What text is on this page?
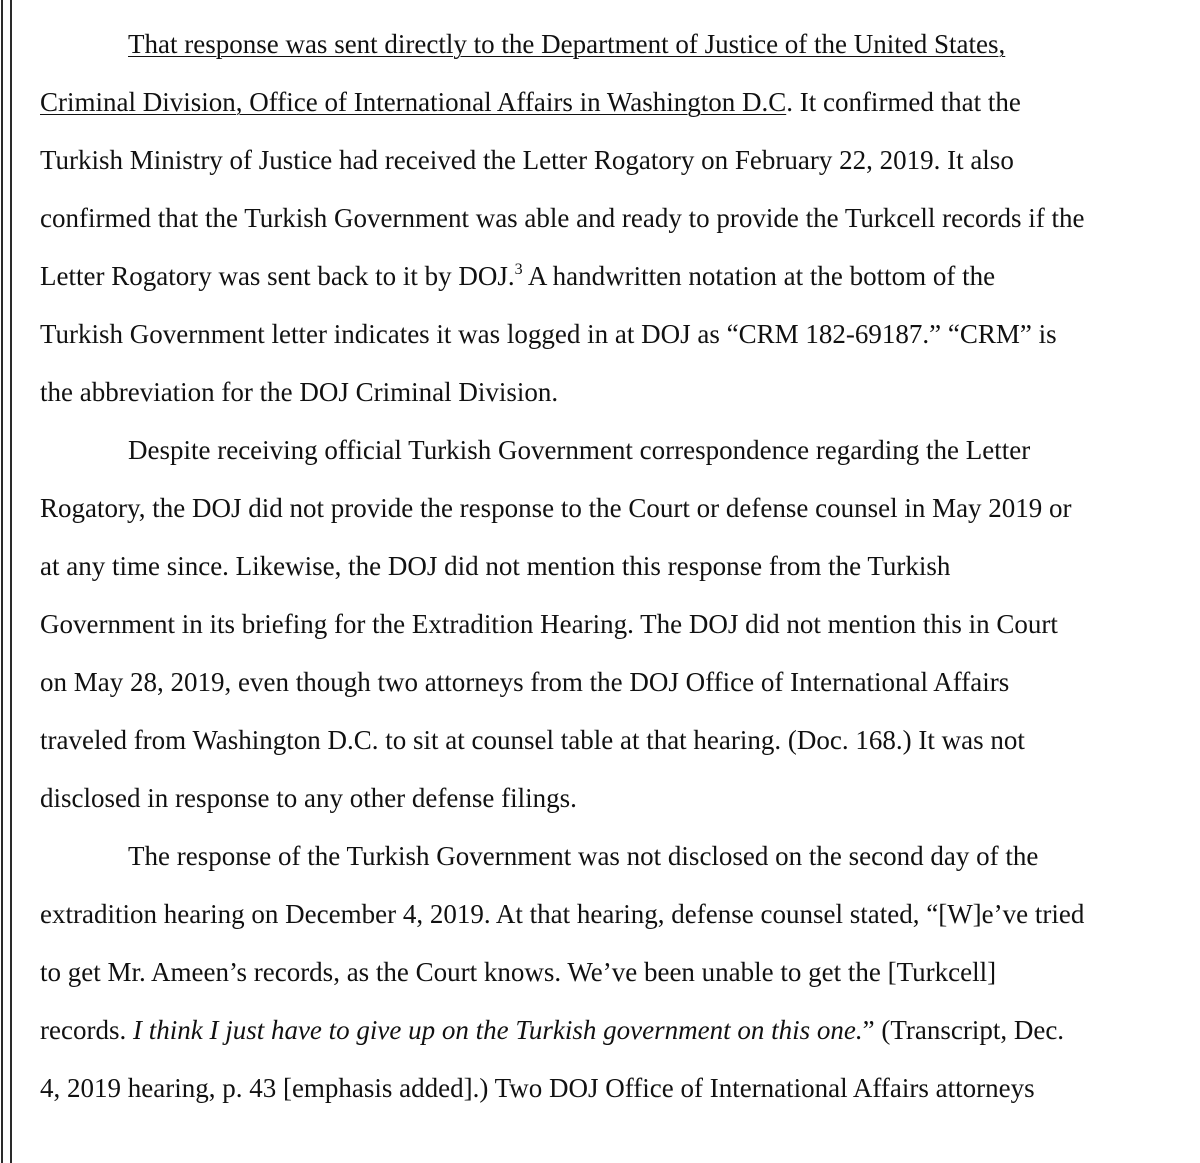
That response was sent directly to the Department of Justice of the United States,
Criminal Division, Office of International Affairs in Washington D.C. It confirmed that the
Turkish Ministry of Justice had received the Letter Rogatory on February 22, 2019. It also
confirmed that the Turkish Government was able and ready to provide the Turkcell records if the
Letter Rogatory was sent back to it by DOJ.$^3$ A handwritten notation at the bottom of the
Turkish Government letter indicates it was logged in at DOJ as “CRM 182-69187.” “CRM” is
the abbreviation for the DOJ Criminal Division.
Despite receiving official Turkish Government correspondence regarding the Letter
Rogatory, the DOJ did not provide the response to the Court or defense counsel in May 2019 or
at any time since. Likewise, the DOJ did not mention this response from the Turkish
Government in its briefing for the Extradition Hearing. The DOJ did not mention this in Court
on May 28, 2019, even though two attorneys from the DOJ Office of International Affairs
traveled from Washington D.C. to sit at counsel table at that hearing. (Doc. 168.) It was not
disclosed in response to any other defense filings.
The response of the Turkish Government was not disclosed on the second day of the
extradition hearing on December 4, 2019. At that hearing, defense counsel stated, “[W]e’ve tried
to get Mr. Ameen’s records, as the Court knows. We’ve been unable to get the [Turkcell]
records. I think I just have to give up on the Turkish government on this one.” (Transcript, Dec.
4, 2019 hearing, p. 43 [emphasis added].) Two DOJ Office of International Affairs attorneys
